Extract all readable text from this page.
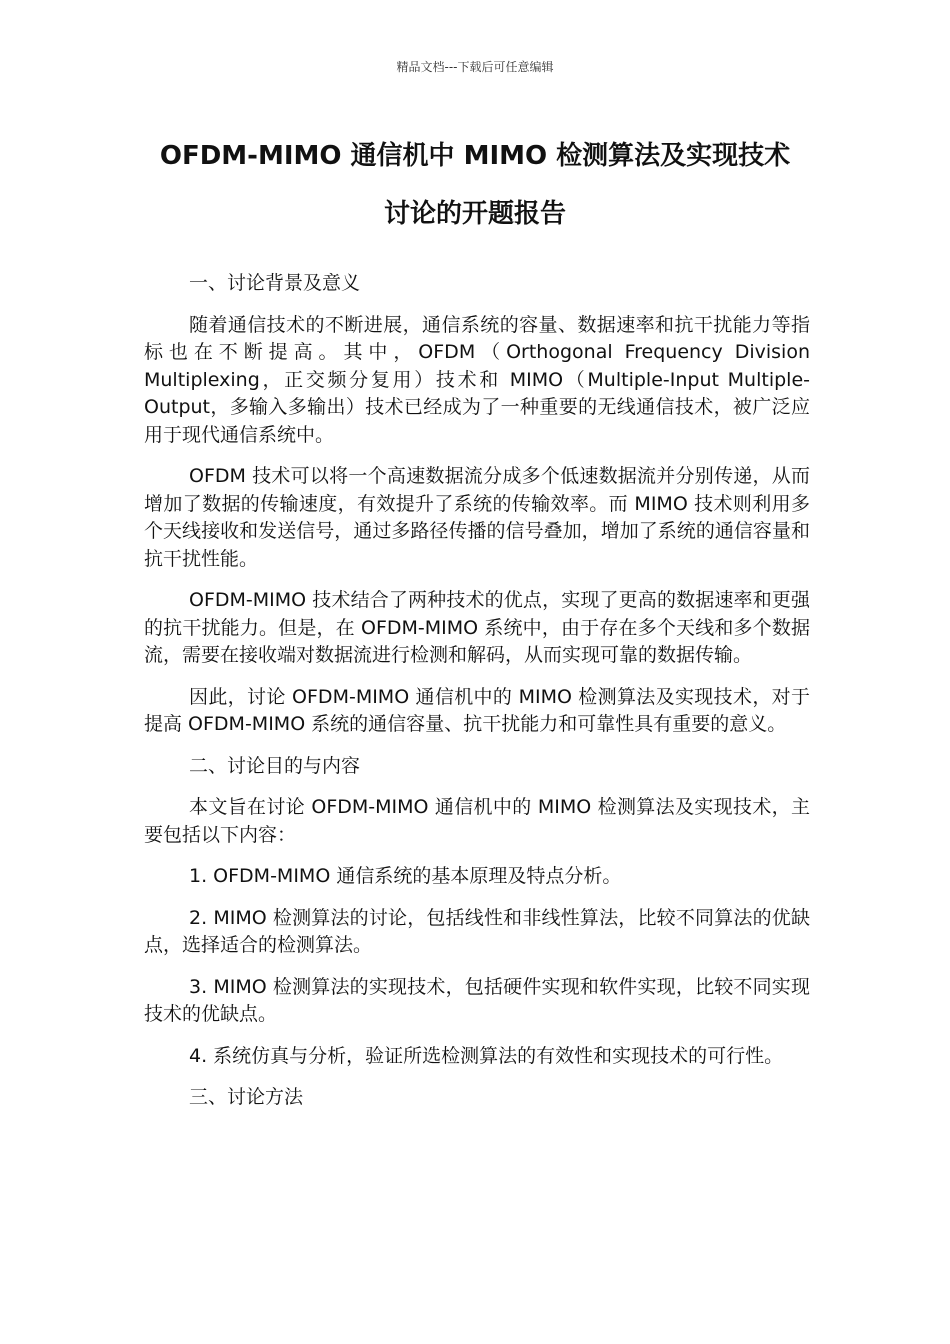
精品文档---下载后可任意编辑
OFDM-MIMO 通信机中 MIMO 检测算法及实现技术
讨论的开题报告

一、讨论背景及意义

随着通信技术的不断进展，通信系统的容量、数据速率和抗干扰能力等指标也在不断提高。其中，OFDM（Orthogonal Frequency Division Multiplexing，正交频分复用）技术和 MIMO（Multiple-Input Multiple-Output，多输入多输出）技术已经成为了一种重要的无线通信技术，被广泛应用于现代通信系统中。

OFDM 技术可以将一个高速数据流分成多个低速数据流并分别传递，从而增加了数据的传输速度，有效提升了系统的传输效率。而 MIMO 技术则利用多个天线接收和发送信号，通过多路径传播的信号叠加，增加了系统的通信容量和抗干扰性能。

OFDM-MIMO 技术结合了两种技术的优点，实现了更高的数据速率和更强的抗干扰能力。但是，在 OFDM-MIMO 系统中，由于存在多个天线和多个数据流，需要在接收端对数据流进行检测和解码，从而实现可靠的数据传输。

因此，讨论 OFDM-MIMO 通信机中的 MIMO 检测算法及实现技术，对于提高 OFDM-MIMO 系统的通信容量、抗干扰能力和可靠性具有重要的意义。

二、讨论目的与内容

本文旨在讨论 OFDM-MIMO 通信机中的 MIMO 检测算法及实现技术，主要包括以下内容：

1. OFDM-MIMO 通信系统的基本原理及特点分析。

2. MIMO 检测算法的讨论，包括线性和非线性算法，比较不同算法的优缺点，选择适合的检测算法。

3. MIMO 检测算法的实现技术，包括硬件实现和软件实现，比较不同实现技术的优缺点。

4. 系统仿真与分析，验证所选检测算法的有效性和实现技术的可行性。

三、讨论方法
